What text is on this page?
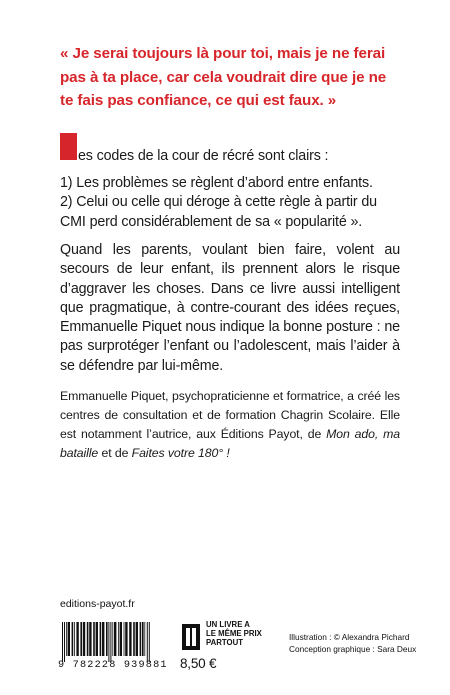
« Je serai toujours là pour toi, mais je ne ferai pas à ta place, car cela voudrait dire que je ne te fais pas confiance, ce qui est faux. »
es codes de la cour de récré sont clairs :

1) Les problèmes se règlent d’abord entre enfants.

2) Celui ou celle qui déroge à cette règle à partir du CMI perd considérablement de sa « popularité ».

Quand les parents, voulant bien faire, volent au secours de leur enfant, ils prennent alors le risque d’aggraver les choses. Dans ce livre aussi intelligent que pragmatique, à contre-courant des idées reçues, Emmanuelle Piquet nous indique la bonne posture : ne pas surprotéger l’enfant ou l’adolescent, mais l’aider à se défendre par lui-même.
Emmanuelle Piquet, psychopraticienne et formatrice, a créé les centres de consultation et de formation Chagrin Scolaire. Elle est notamment l’autrice, aux Éditions Payot, de Mon ado, ma bataille et de Faites votre 180° !
editions-payot.fr
9 782228 939881
UN LIVRE A
LE MÊME PRIX
PARTOUT
8,50 €
Illustration : © Alexandra Pichard
Conception graphique : Sara Deux
